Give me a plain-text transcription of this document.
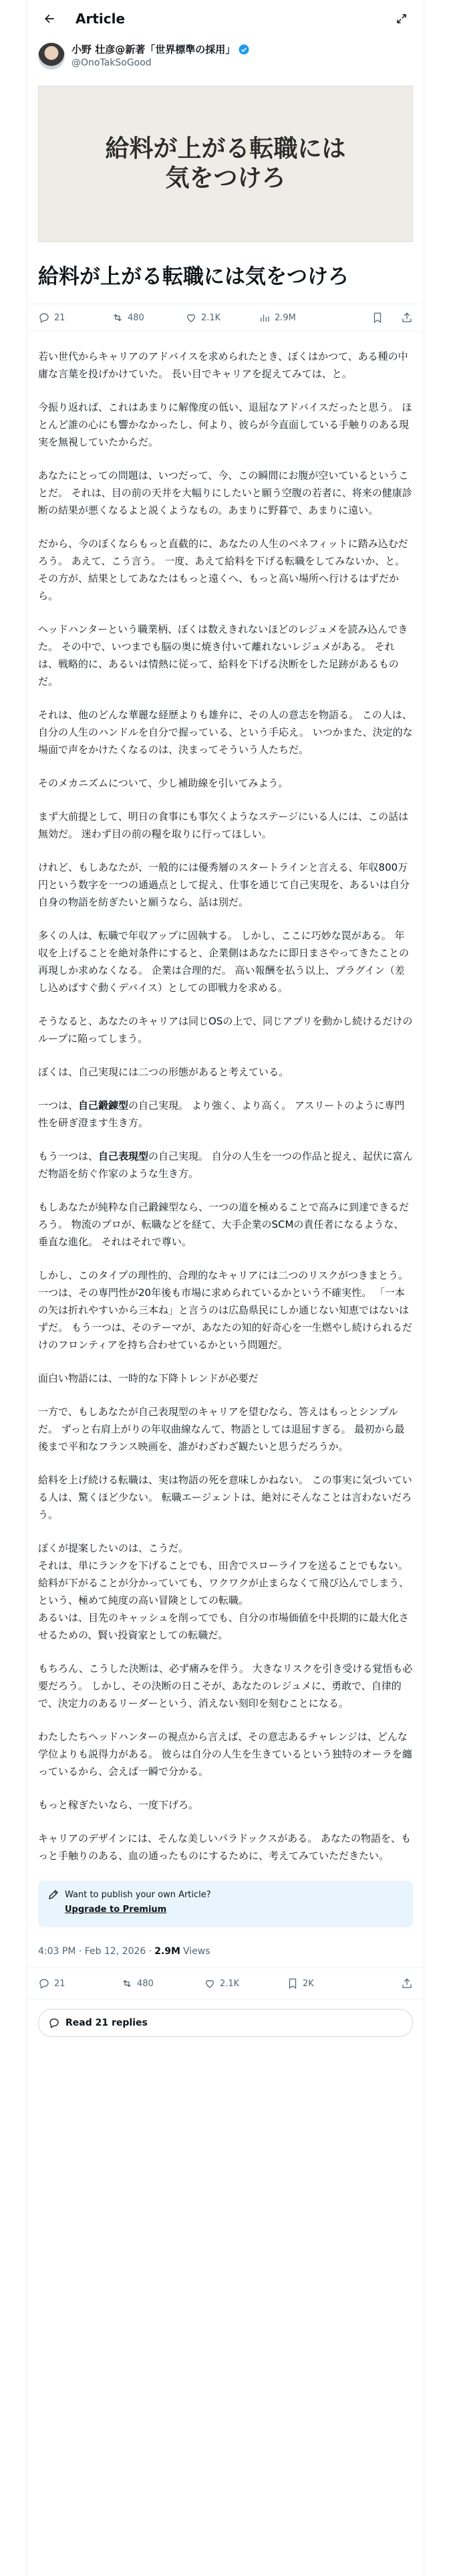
Article
小野 壮彦@新著「世界標準の採用」
@OnoTakSoGood
給料が上がる転職には
気をつけろ
給料が上がる転職には気をつけろ
21	480	2.1K	2.9M

若い世代からキャリアのアドバイスを求められたとき、ぼくはかつて、ある種の中庸な言葉を投げかけていた。 長い目でキャリアを捉えてみては、と。

今振り返れば、これはあまりに解像度の低い、退屈なアドバイスだったと思う。 ほとんど誰の心にも響かなかったし、何より、彼らが今直面している手触りのある現実を無視していたからだ。

あなたにとっての問題は、いつだって、今、この瞬間にお腹が空いているということだ。 それは、目の前の天井を大幅りにしたいと願う空腹の若者に、将来の健康診断の結果が悪くなるよと説くようなもの。あまりに野暮で、あまりに遠い。

だから、今のぼくならもっと直截的に、あなたの人生のベネフィットに踏み込むだろう。 あえて、こう言う。 一度、あえて給料を下げる転職をしてみないか、と。 その方が、結果としてあなたはもっと遠くへ、もっと高い場所へ行けるはずだから。

ヘッドハンターという職業柄、ぼくは数えきれないほどのレジュメを読み込んできた。 その中で、いつまでも脳の奥に焼き付いて離れないレジュメがある。 それは、戦略的に、あるいは情熱に従って、給料を下げる決断をした足跡があるものだ。

それは、他のどんな華麗な経歴よりも雄弁に、その人の意志を物語る。 この人は、自分の人生のハンドルを自分で握っている、という手応え。 いつかまた、決定的な場面で声をかけたくなるのは、決まってそういう人たちだ。

そのメカニズムについて、少し補助線を引いてみよう。

まず大前提として、明日の食事にも事欠くようなステージにいる人には、この話は無効だ。 迷わず目の前の糧を取りに行ってほしい。

けれど、もしあなたが、一般的には優秀層のスタートラインと言える、年収800万円という数字を一つの通過点として捉え、仕事を通じて自己実現を、あるいは自分自身の物語を紡ぎたいと願うなら、話は別だ。

多くの人は、転職で年収アップに固執する。 しかし、ここに巧妙な罠がある。 年収を上げることを絶対条件にすると、企業側はあなたに即日まさやってきたことの再現しか求めなくなる。 企業は合理的だ。 高い報酬を払う以上、プラグイン（差し込めばすぐ動くデバイス）としての即戦力を求める。

そうなると、あなたのキャリアは同じOSの上で、同じアプリを動かし続けるだけのループに陥ってしまう。

ぼくは、自己実現には二つの形態があると考えている。

一つは、自己鍛錬型の自己実現。 より強く、より高く。 アスリートのように専門性を研ぎ澄ます生き方。

もう一つは、自己表現型の自己実現。 自分の人生を一つの作品と捉え、起伏に富んだ物語を紡ぐ作家のような生き方。

もしあなたが純粋な自己鍛錬型なら、一つの道を極めることで高みに到達できるだろう。 物流のプロが、転職などを経て、大手企業のSCMの責任者になるような、垂直な進化。 それはそれで尊い。

しかし、このタイプの理性的、合理的なキャリアには二つのリスクがつきまとう。 一つは、その専門性が20年後も市場に求められているかという不確実性。 「一本の矢は折れやすいから三本ね」と言うのは広島県民にしか通じない知恵ではないはずだ。 もう一つは、そのテーマが、あなたの知的好奇心を一生燃やし続けられるだけのフロンティアを持ち合わせているかという問題だ。

面白い物語には、一時的な下降トレンドが必要だ

一方で、もしあなたが自己表現型のキャリアを望むなら、答えはもっとシンプルだ。 ずっと右肩上がりの年収曲線なんて、物語としては退屈すぎる。 最初から最後まで平和なフランス映画を、誰がわざわざ観たいと思うだろうか。

給料を上げ続ける転職は、実は物語の死を意味しかねない。 この事実に気づいている人は、驚くほど少ない。 転職エージェントは、絶対にそんなことは言わないだろう。

ぼくが提案したいのは、こうだ。
それは、単にランクを下げることでも、田舎でスローライフを送ることでもない。
給料が下がることが分かっていても、ワクワクが止まらなくて飛び込んでしまう、という、極めて純度の高い冒険としての転職。
あるいは、目先のキャッシュを削ってでも、自分の市場価値を中長期的に最大化させるための、賢い投資家としての転職だ。

もちろん、こうした決断は、必ず痛みを伴う。 大きなリスクを引き受ける覚悟も必要だろう。 しかし、その決断の日こそが、あなたのレジュメに、勇敢で、自律的で、決定力のあるリーダーという、消えない刻印を刻むことになる。

わたしたちヘッドハンターの視点から言えば、その意志あるチャレンジは、どんな学位よりも説得力がある。 彼らは自分の人生を生きているという独特のオーラを纏っているから、会えば一瞬で分かる。

もっと稼ぎたいなら、一度下げろ。

キャリアのデザインには、そんな美しいパラドックスがある。 あなたの物語を、もっと手触りのある、血の通ったものにするために、考えてみていただきたい。

Want to publish your own Article?
Upgrade to Premium
4:03 PM · Feb 12, 2026 · 2.9M Views
21	480	2.1K	2K
Read 21 replies
